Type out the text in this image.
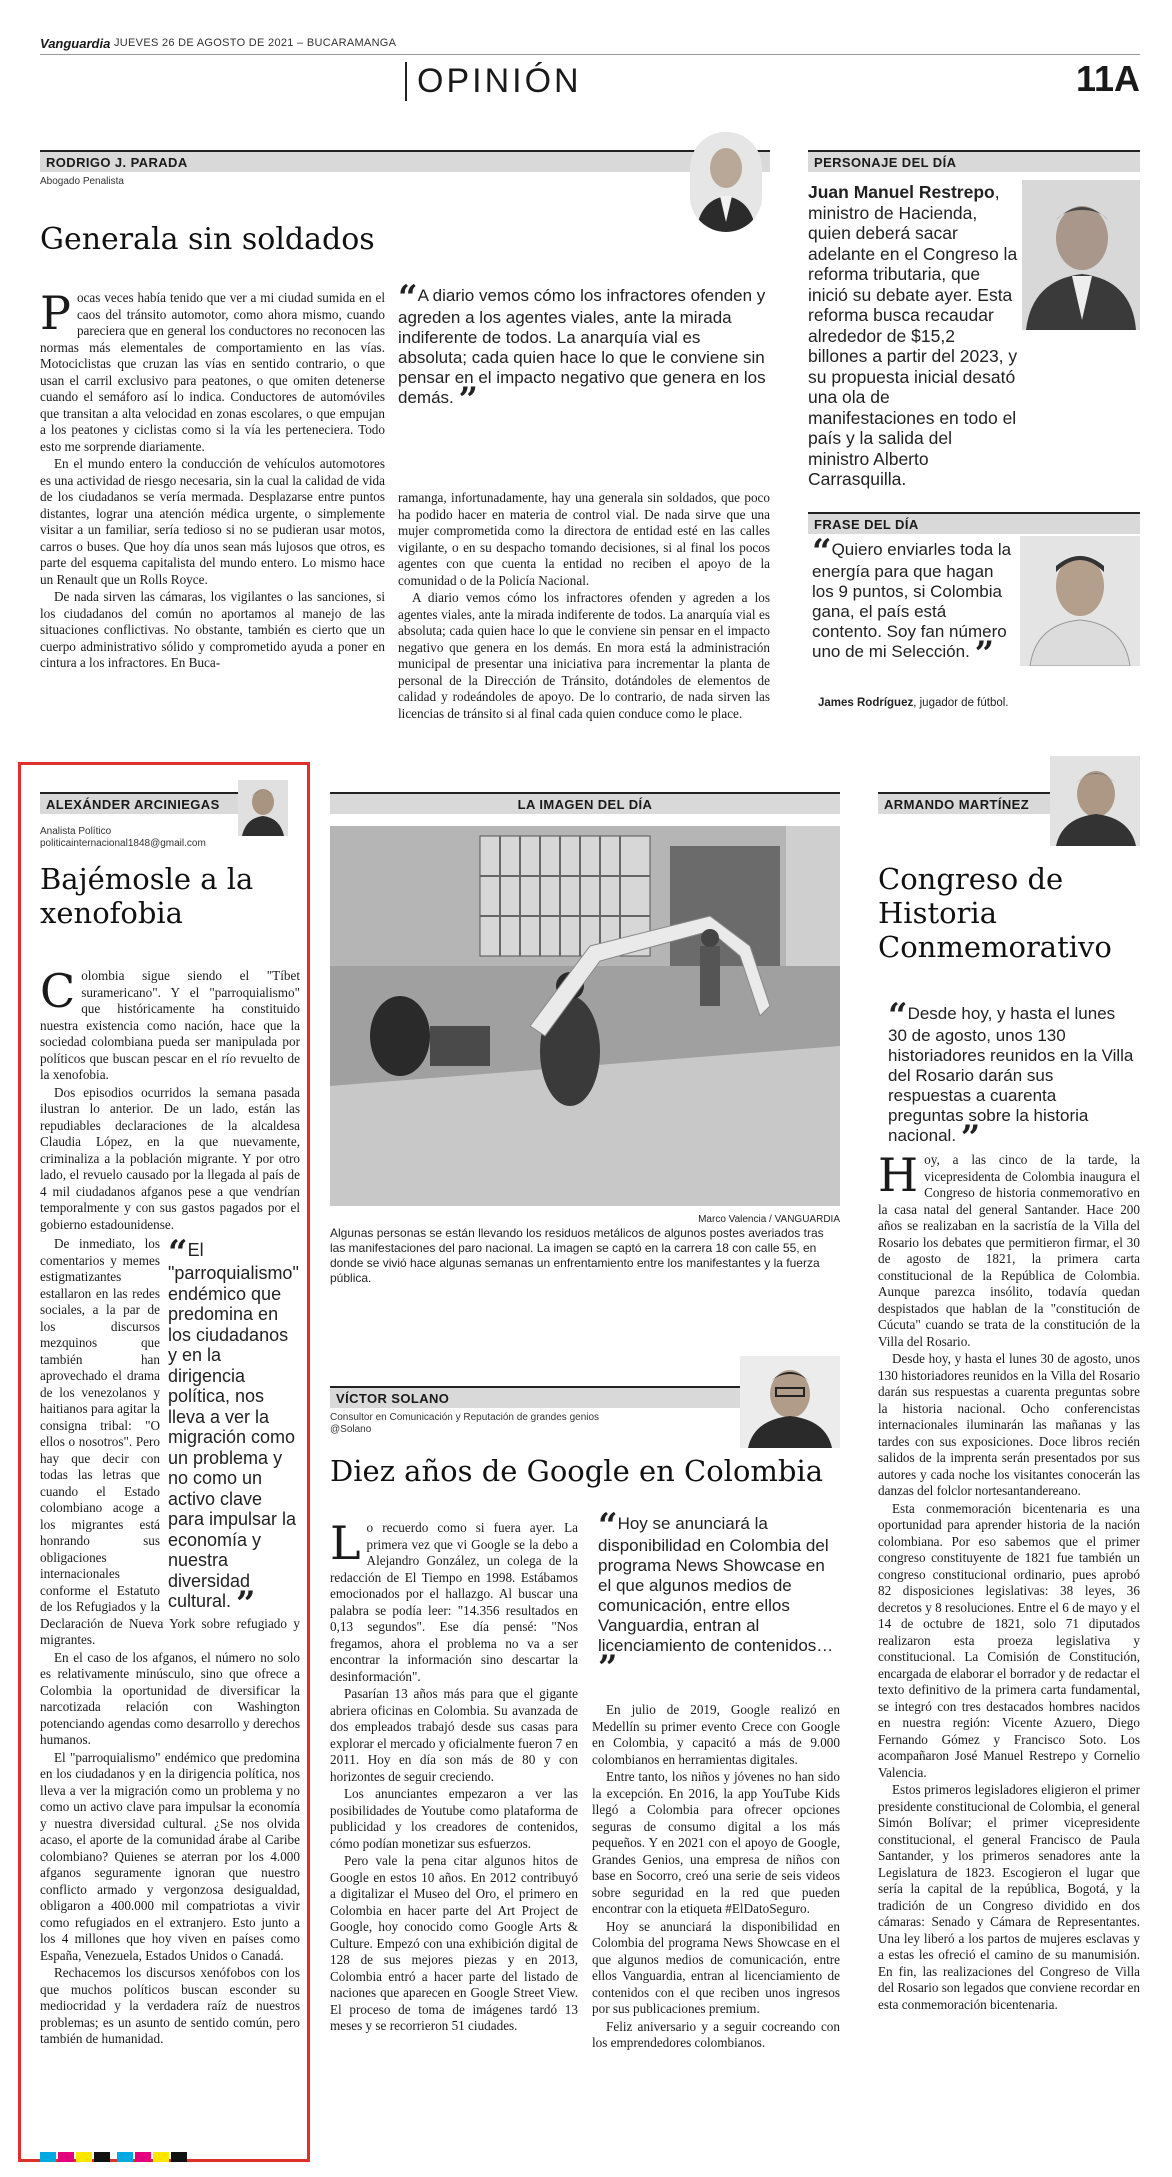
Vanguardia JUEVES 26 DE AGOSTO DE 2021 – BUCARAMANGA
OPINIÓN	11A
RODRIGO J. PARADA
Abogado Penalista
Generala sin soldados

Pocas veces había tenido que ver a mi ciudad sumida en el caos del tránsito automotor, como ahora mismo, cuando pareciera que en general los conductores no reconocen las normas más elementales de comportamiento en las vías. Motociclistas que cruzan las vías en sentido contrario, o que usan el carril exclusivo para peatones, o que omiten detenerse cuando el semáforo así lo indica. Conductores de automóviles que transitan a alta velocidad en zonas escolares, o que empujan a los peatones y ciclistas como si la vía les perteneciera. Todo esto me sorprende diariamente.

En el mundo entero la conducción de vehículos automotores es una actividad de riesgo necesaria, sin la cual la calidad de vida de los ciudadanos se vería mermada. Desplazarse entre puntos distantes, lograr una atención médica urgente, o simplemente visitar a un familiar, sería tedioso si no se pudieran usar motos, carros o buses. Que hoy día unos sean más lujosos que otros, es parte del esquema capitalista del mundo entero. Lo mismo hace un Renault que un Rolls Royce.

De nada sirven las cámaras, los vigilantes o las sanciones, si los ciudadanos del común no aportamos al manejo de las situaciones conflictivas. No obstante, también es cierto que un cuerpo administrativo sólido y comprometido ayuda a poner en cintura a los infractores. En Buca-

“A diario vemos cómo los infractores ofenden y agreden a los agentes viales, ante la mirada indiferente de todos. La anarquía vial es absoluta; cada quien hace lo que le conviene sin pensar en el impacto negativo que genera en los demás. ”

ramanga, infortunadamente, hay una generala sin soldados, que poco ha podido hacer en materia de control vial. De nada sirve que una mujer comprometida como la directora de entidad esté en las calles vigilante, o en su despacho tomando decisiones, si al final los pocos agentes con que cuenta la entidad no reciben el apoyo de la comunidad o de la Policía Nacional.

A diario vemos cómo los infractores ofenden y agreden a los agentes viales, ante la mirada indiferente de todos. La anarquía vial es absoluta; cada quien hace lo que le conviene sin pensar en el impacto negativo que genera en los demás. En mora está la administración municipal de presentar una iniciativa para incrementar la planta de personal de la Dirección de Tránsito, dotándoles de elementos de calidad y rodeándoles de apoyo. De lo contrario, de nada sirven las licencias de tránsito si al final cada quien conduce como le place.

PERSONAJE DEL DÍA
Juan Manuel Restrepo, ministro de Hacienda, quien deberá sacar adelante en el Congreso la reforma tributaria, que inició su debate ayer. Esta reforma busca recaudar alrededor de $15,2 billones a partir del 2023, y su propuesta inicial desató una ola de manifestaciones en todo el país y la salida del ministro Alberto Carrasquilla.
FRASE DEL DÍA
“Quiero enviarles toda la energía para que hagan los 9 puntos, si Colombia gana, el país está contento. Soy fan número uno de mi Selección. ”
James Rodríguez, jugador de fútbol.
ALEXÁNDER ARCINIEGAS
Analista Político
politicainternacional1848@gmail.com
Bajémosle a la xenofobia

Colombia sigue siendo el "Tíbet suramericano". Y el "parroquialismo" que históricamente ha constituido nuestra existencia como nación, hace que la sociedad colombiana pueda ser manipulada por políticos que buscan pescar en el río revuelto de la xenofobia.

Dos episodios ocurridos la semana pasada ilustran lo anterior. De un lado, están las repudiables declaraciones de la alcaldesa Claudia López, en la que nuevamente, criminaliza a la población migrante. Y por otro lado, el revuelo causado por la llegada al país de 4 mil ciudadanos afganos pese a que vendrían temporalmente y con sus gastos pagados por el gobierno estadounidense.

“El "parroquialismo" endémico que predomina en los ciudadanos y en la dirigencia política, nos lleva a ver la migración como un problema y no como un activo clave para impulsar la economía y nuestra diversidad cultural. ”

De inmediato, los comentarios y memes estigmatizantes estallaron en las redes sociales, a la par de los discursos mezquinos que también han aprovechado el drama de los venezolanos y haitianos para agitar la consigna tribal: "O ellos o nosotros". Pero hay que decir con todas las letras que cuando el Estado colombiano acoge a los migrantes está honrando sus obligaciones internacionales conforme el Estatuto de los Refugiados y la Declaración de Nueva York sobre refugiado y migrantes.

En el caso de los afganos, el número no solo es relativamente minúsculo, sino que ofrece a Colombia la oportunidad de diversificar la narcotizada relación con Washington potenciando agendas como desarrollo y derechos humanos.

El "parroquialismo" endémico que predomina en los ciudadanos y en la dirigencia política, nos lleva a ver la migración como un problema y no como un activo clave para impulsar la economía y nuestra diversidad cultural. ¿Se nos olvida acaso, el aporte de la comunidad árabe al Caribe colombiano? Quienes se aterran por los 4.000 afganos seguramente ignoran que nuestro conflicto armado y vergonzosa desigualdad, obligaron a 400.000 mil compatriotas a vivir como refugiados en el extranjero. Esto junto a los 4 millones que hoy viven en países como España, Venezuela, Estados Unidos o Canadá.

Rechacemos los discursos xenófobos con los que muchos políticos buscan esconder su mediocridad y la verdadera raíz de nuestros problemas; es un asunto de sentido común, pero también de humanidad.

LA IMAGEN DEL DÍA
Marco Valencia / VANGUARDIA
Algunas personas se están llevando los residuos metálicos de algunos postes averiados tras las manifestaciones del paro nacional. La imagen se captó en la carrera 18 con calle 55, en donde se vivió hace algunas semanas un enfrentamiento entre los manifestantes y la fuerza pública.
VÍCTOR SOLANO
Consultor en Comunicación y Reputación de grandes genios
@Solano
Diez años de Google en Colombia

Lo recuerdo como si fuera ayer. La primera vez que vi Google se la debo a Alejandro González, un colega de la redacción de El Tiempo en 1998. Estábamos emocionados por el hallazgo. Al buscar una palabra se podía leer: "14.356 resultados en 0,13 segundos". Ese día pensé: "Nos fregamos, ahora el problema no va a ser encontrar la información sino descartar la desinformación".

Pasarían 13 años más para que el gigante abriera oficinas en Colombia. Su avanzada de dos empleados trabajó desde sus casas para explorar el mercado y oficialmente fueron 7 en 2011. Hoy en día son más de 80 y con horizontes de seguir creciendo.

Los anunciantes empezaron a ver las posibilidades de Youtube como plataforma de publicidad y los creadores de contenidos, cómo podían monetizar sus esfuerzos.

Pero vale la pena citar algunos hitos de Google en estos 10 años. En 2012 contribuyó a digitalizar el Museo del Oro, el primero en Colombia en hacer parte del Art Project de Google, hoy conocido como Google Arts & Culture. Empezó con una exhibición digital de 128 de sus mejores piezas y en 2013, Colombia entró a hacer parte del listado de naciones que aparecen en Google Street View. El proceso de toma de imágenes tardó 13 meses y se recorrieron 51 ciudades.

“Hoy se anunciará la disponibilidad en Colombia del programa News Showcase en el que algunos medios de comunicación, entre ellos Vanguardia, entran al licenciamiento de contenidos… ”

En julio de 2019, Google realizó en Medellín su primer evento Crece con Google en Colombia, y capacitó a más de 9.000 colombianos en herramientas digitales.

Entre tanto, los niños y jóvenes no han sido la excepción. En 2016, la app YouTube Kids llegó a Colombia para ofrecer opciones seguras de consumo digital a los más pequeños. Y en 2021 con el apoyo de Google, Grandes Genios, una empresa de niños con base en Socorro, creó una serie de seis videos sobre seguridad en la red que pueden encontrar con la etiqueta #ElDatoSeguro.

Hoy se anunciará la disponibilidad en Colombia del programa News Showcase en el que algunos medios de comunicación, entre ellos Vanguardia, entran al licenciamiento de contenidos con el que reciben unos ingresos por sus publicaciones premium.

Feliz aniversario y a seguir cocreando con los emprendedores colombianos.

ARMANDO MARTÍNEZ
Congreso de Historia Conmemorativo
“Desde hoy, y hasta el lunes 30 de agosto, unos 130 historiadores reunidos en la Villa del Rosario darán sus respuestas a cuarenta preguntas sobre la historia nacional. ”

Hoy, a las cinco de la tarde, la vicepresidenta de Colombia inaugura el Congreso de historia conmemorativo en la casa natal del general Santander. Hace 200 años se realizaban en la sacristía de la Villa del Rosario los debates que permitieron firmar, el 30 de agosto de 1821, la primera carta constitucional de la República de Colombia. Aunque parezca insólito, todavía quedan despistados que hablan de la "constitución de Cúcuta" cuando se trata de la constitución de la Villa del Rosario.

Desde hoy, y hasta el lunes 30 de agosto, unos 130 historiadores reunidos en la Villa del Rosario darán sus respuestas a cuarenta preguntas sobre la historia nacional. Ocho conferencistas internacionales iluminarán las mañanas y las tardes con sus exposiciones. Doce libros recién salidos de la imprenta serán presentados por sus autores y cada noche los visitantes conocerán las danzas del folclor nortesantandereano.

Esta conmemoración bicentenaria es una oportunidad para aprender historia de la nación colombiana. Por eso sabemos que el primer congreso constituyente de 1821 fue también un congreso constitucional ordinario, pues aprobó 82 disposiciones legislativas: 38 leyes, 36 decretos y 8 resoluciones. Entre el 6 de mayo y el 14 de octubre de 1821, solo 71 diputados realizaron esta proeza legislativa y constitucional. La Comisión de Constitución, encargada de elaborar el borrador y de redactar el texto definitivo de la primera carta fundamental, se integró con tres destacados hombres nacidos en nuestra región: Vicente Azuero, Diego Fernando Gómez y Francisco Soto. Los acompañaron José Manuel Restrepo y Cornelio Valencia.

Estos primeros legisladores eligieron el primer presidente constitucional de Colombia, el general Simón Bolívar; el primer vicepresidente constitucional, el general Francisco de Paula Santander, y los primeros senadores ante la Legislatura de 1823. Escogieron el lugar que sería la capital de la república, Bogotá, y la tradición de un Congreso dividido en dos cámaras: Senado y Cámara de Representantes. Una ley liberó a los partos de mujeres esclavas y a estas les ofreció el camino de su manumisión. En fin, las realizaciones del Congreso de Villa del Rosario son legados que conviene recordar en esta conmemoración bicentenaria.
